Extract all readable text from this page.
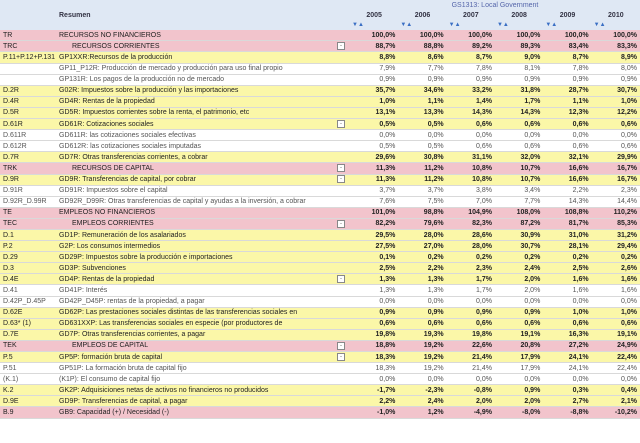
			GS1313: Local Government					
	Resumen		2005	2006	2007	2008	2009	2010
			▼▲	▼▲	▼▲	▼▲	▼▲	▼▲
TR	RECURSOS NO FINANCIEROS		100,0%	100,0%	100,0%	100,0%	100,0%	100,0%
TRC	RECURSOS CORRIENTES	-	88,7%	88,8%	89,2%	89,3%	83,4%	83,3%
P.11+P.12+P.131	GP1XXR:Recursos de la producción		8,8%	8,6%	8,7%	9,0%	8,7%	8,9%
	GP11_P12R: Producción de mercado y producción para uso final propio		7,9%	7,7%	7,8%	8,1%	7,8%	8,0%
	GP131R: Los pagos de la producción no de mercado		0,9%	0,9%	0,9%	0,9%	0,9%	0,9%
D.2R	G02R: Impuestos sobre la producción y las importaciones		35,7%	34,6%	33,2%	31,8%	28,7%	30,7%
D.4R	GD4R: Rentas de la propiedad		1,0%	1,1%	1,4%	1,7%	1,1%	1,0%
D.5R	GD5R: Impuestos corrientes sobre la renta, el patrimonio, etc		13,1%	13,3%	14,3%	14,3%	12,3%	12,2%
D.61R	GD61R: Cotizaciones sociales	-	0,5%	0,5%	0,6%	0,6%	0,6%	0,6%
D.611R	GD611R: las cotizaciones sociales efectivas		0,0%	0,0%	0,0%	0,0%	0,0%	0,0%
D.612R	GD612R: las cotizaciones sociales imputadas		0,5%	0,5%	0,6%	0,6%	0,6%	0,6%
D.7R	GD7R: Otras transferencias corrientes, a cobrar		29,6%	30,8%	31,1%	32,0%	32,1%	29,9%
TRK	RECURSOS DE CAPITAL	-	11,3%	11,2%	10,8%	10,7%	16,6%	16,7%
D.9R	GD9R: Transferencias de capital, por cobrar	-	11,3%	11,2%	10,8%	10,7%	16,6%	16,7%
D.91R	GD91R: Impuestos sobre el capital		3,7%	3,7%	3,8%	3,4%	2,2%	2,3%
D.92R_D.99R	GD92R_D99R: Otras transferencias de capital y ayudas a la inversión, a cobrar		7,6%	7,5%	7,0%	7,7%	14,3%	14,4%
TE	EMPLEOS NO FINANCIEROS		101,0%	98,8%	104,9%	108,0%	108,8%	110,2%
TEC	EMPLEOS CORRIENTES	-	82,2%	79,6%	82,3%	87,2%	81,7%	85,3%
D.1	GD1P: Remuneración de los asalariados		29,5%	28,0%	28,6%	30,9%	31,0%	31,2%
P.2	G2P: Los consumos intermedios		27,5%	27,0%	28,0%	30,7%	28,1%	29,4%
D.29	GD29P: Impuestos sobre la producción e importaciones		0,1%	0,2%	0,2%	0,2%	0,2%	0,2%
D.3	GD3P: Subvenciones		2,5%	2,2%	2,3%	2,4%	2,5%	2,6%
D.4E	GD4P: Rentas de la propiedad	-	1,3%	1,3%	1,7%	2,0%	1,6%	1,6%
D.41	GD41P: Interés		1,3%	1,3%	1,7%	2,0%	1,6%	1,6%
D.42P_D.45P	GD42P_D45P: rentas de la propiedad, a pagar		0,0%	0,0%	0,0%	0,0%	0,0%	0,0%
D.62E	GD62P: Las prestaciones sociales distintas de las transferencias sociales en		0,9%	0,9%	0,9%	0,9%	1,0%	1,0%
D.63* (1)	GD631XXP: Las transferencias sociales en especie (por productores de		0,6%	0,6%	0,6%	0,6%	0,6%	0,6%
D.7E	GD7P: Otras transferencias corrientes, a pagar		19,8%	19,3%	19,8%	19,1%	16,3%	19,1%
TEK	EMPLEOS DE CAPITAL	-	18,8%	19,2%	22,6%	20,8%	27,2%	24,9%
P.5	GP5P: formación bruta de capital	-	18,3%	19,2%	21,4%	17,9%	24,1%	22,4%
P.51	GP51P: La formación bruta de capital fijo		18,3%	19,2%	21,4%	17,9%	24,1%	22,4%
(K.1)	(K1P): El consumo de capital fijo		0,0%	0,0%	0,0%	0,0%	0,0%	0,0%
K.2	GK2P: Adquisiciones netas de activos no financieros no producidos		-1,7%	-2,3%	-0,8%	0,9%	0,3%	0,4%
D.9E	GD9P: Transferencias de capital, a pagar		2,2%	2,4%	2,0%	2,0%	2,7%	2,1%
B.9	GB9: Capacidad (+) / Necesidad (-)		-1,0%	1,2%	-4,9%	-8,0%	-8,8%	-10,2%
